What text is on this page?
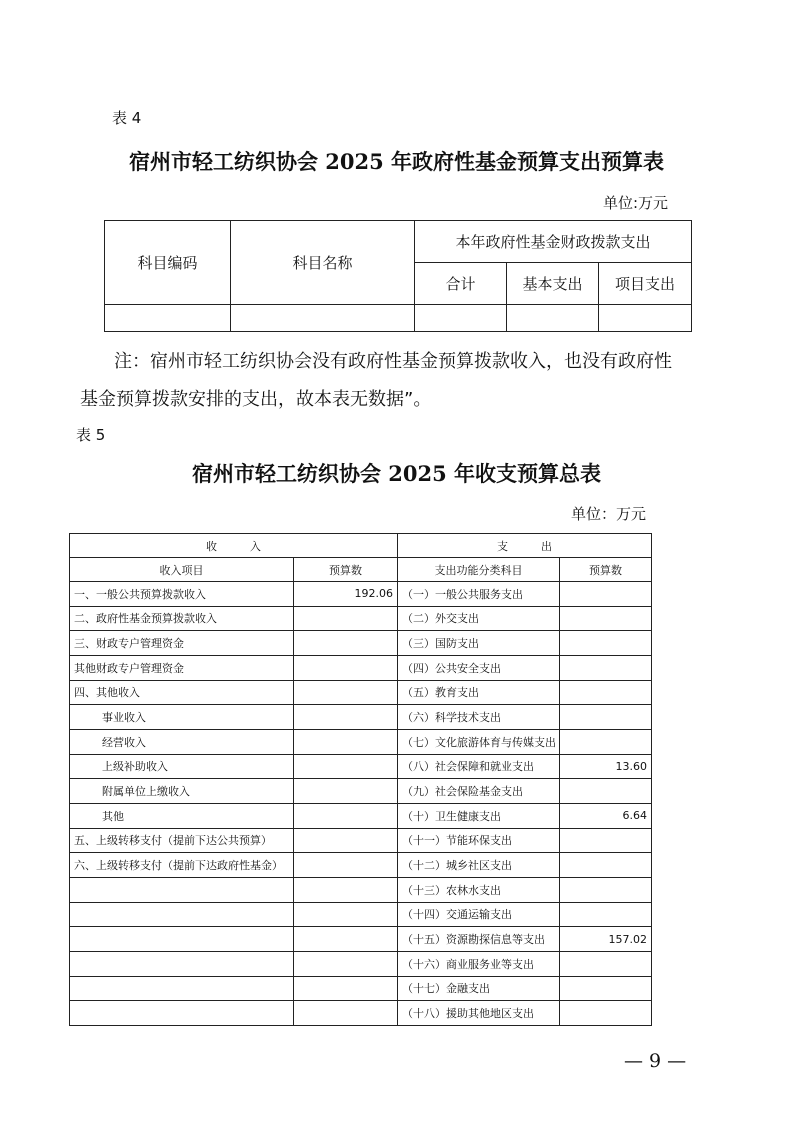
表 4
宿州市轻工纺织协会 2025 年政府性基金预算支出预算表
单位:万元
科目编码	科目名称	本年政府性基金财政拨款支出		
		合计	基本支出	项目支出

注：宿州市轻工纺织协会没有政府性基金预算拨款收入，也没有政府性

基金预算拨款安排的支出，故本表无数据”。

表 5
宿州市轻工纺织协会 2025 年收支预算总表
单位：万元
收　　　入		支　　　出	
收入项目	预算数	支出功能分类科目	预算数
一、一般公共预算拨款收入	192.06	（一）一般公共服务支出	
二、政府性基金预算拨款收入		（二）外交支出	
三、财政专户管理资金		（三）国防支出	
其他财政专户管理资金		（四）公共安全支出	
四、其他收入		（五）教育支出	
事业收入		（六）科学技术支出	
经营收入		（七）文化旅游体育与传媒支出	
上级补助收入		（八）社会保障和就业支出	13.60
附属单位上缴收入		（九）社会保险基金支出	
其他		（十）卫生健康支出	6.64
五、上级转移支付（提前下达公共预算）		（十一）节能环保支出	
六、上级转移支付（提前下达政府性基金）		（十二）城乡社区支出	
		（十三）农林水支出	
		（十四）交通运输支出	
		（十五）资源勘探信息等支出	157.02
		（十六）商业服务业等支出	
		（十七）金融支出	
		（十八）援助其他地区支出	
— 9 —
